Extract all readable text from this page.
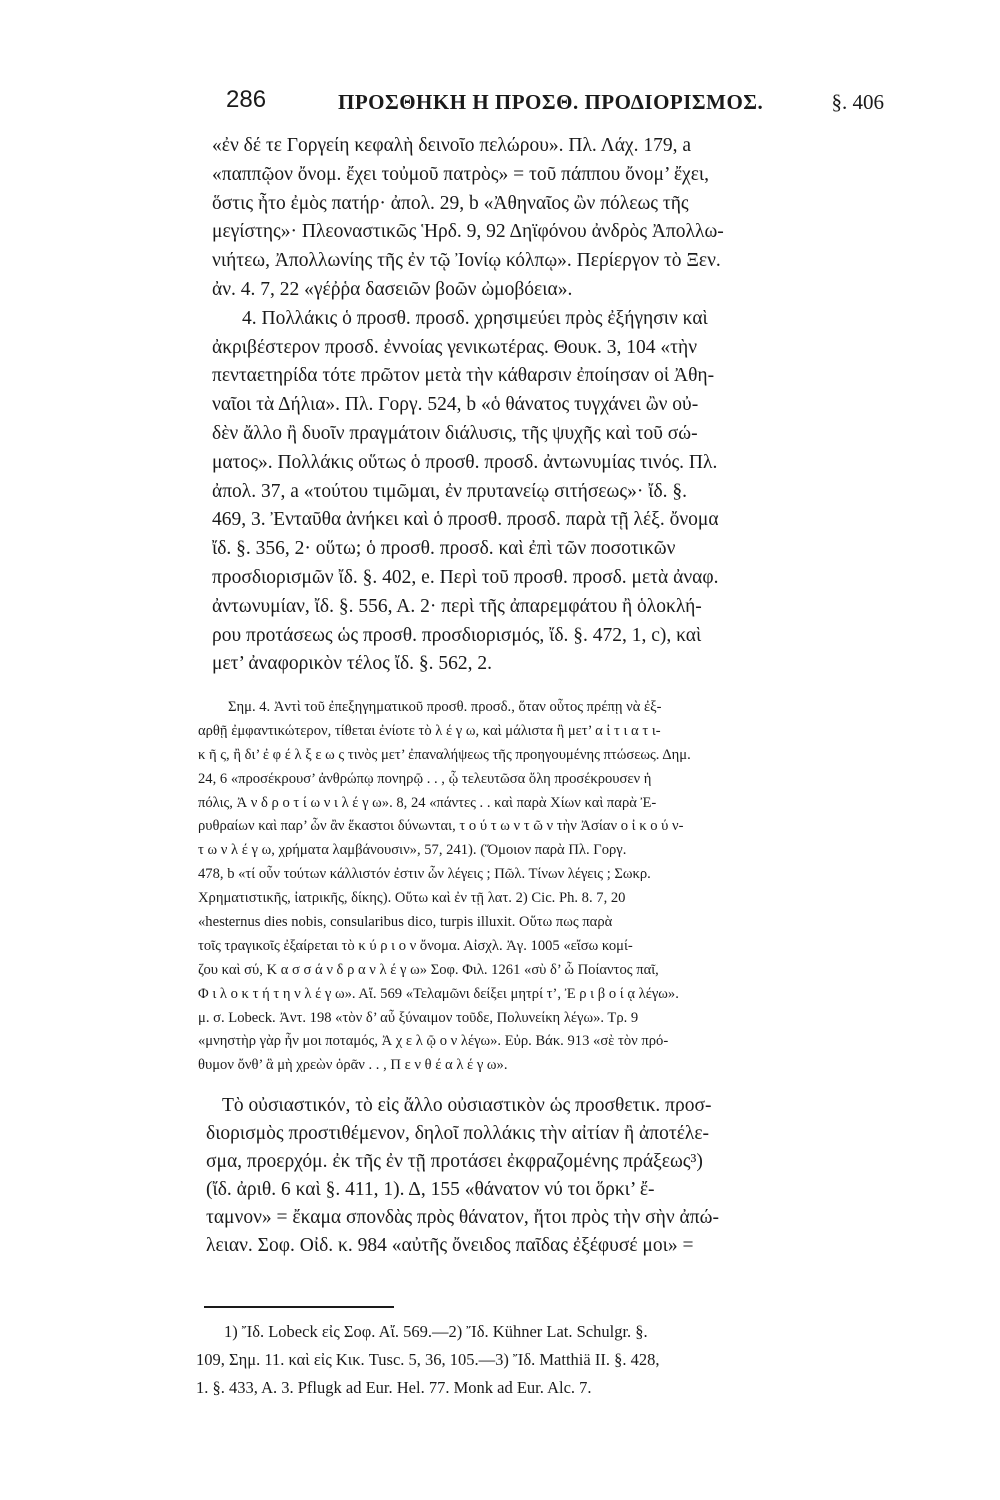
286	ΠΡΟΣΘΗΚΗ Η ΠΡΟΣΘ. ΠΡΟΔΙΟΡΙΣΜΟΣ.	§. 406
«ἐν δέ τε Γοργείη κεφαλὴ δεινοῖο πελώρου». Πλ. Λάχ. 179, a
«παππῷον ὄνομ. ἔχει τοὐμοῦ πατρὸς» = τοῦ πάππου ὄνομ’ ἔχει,
ὅστις ἦτο ἐμὸς πατήρ· ἀπολ. 29, b «Ἀθηναῖος ὢν πόλεως τῆς
μεγίστης»· Πλεοναστικῶς Ἡρδ. 9, 92 Δηϊφόνου ἀνδρὸς Ἀπολλω-
νιήτεω, Ἀπολλωνίης τῆς ἐν τῷ Ἰονίῳ κόλπῳ». Περίεργον τὸ Ξεν.
ἀν. 4. 7, 22 «γέῤῥα δασειῶν βοῶν ὠμοβόεια».
4. Πολλάκις ὁ προσθ. προσδ. χρησιμεύει πρὸς ἐξήγησιν καὶ
ἀκριβέστερον προσδ. ἐννοίας γενικωτέρας. Θουκ. 3, 104 «τὴν
πενταετηρίδα τότε πρῶτον μετὰ τὴν κάθαρσιν ἐποίησαν οἱ Ἀθη-
ναῖοι τὰ Δήλια». Πλ. Γοργ. 524, b «ὁ θάνατος τυγχάνει ὢν οὐ-
δὲν ἄλλο ἢ δυοῖν πραγμάτοιν διάλυσις, τῆς ψυχῆς καὶ τοῦ σώ-
ματος». Πολλάκις οὕτως ὁ προσθ. προσδ. ἀντωνυμίας τινός. Πλ.
ἀπολ. 37, a «τούτου τιμῶμαι, ἐν πρυτανείῳ σιτήσεως»· ἴδ. §.
469, 3. Ἐνταῦθα ἀνήκει καὶ ὁ προσθ. προσδ. παρὰ τῇ λέξ. ὄνομα
ἴδ. §. 356, 2· οὕτω; ὁ προσθ. προσδ. καὶ ἐπὶ τῶν ποσοτικῶν
προσδιορισμῶν ἴδ. §. 402, e. Περὶ τοῦ προσθ. προσδ. μετὰ ἀναφ.
ἀντωνυμίαν, ἴδ. §. 556, Α. 2· περὶ τῆς ἀπαρεμφάτου ἢ ὁλοκλή-
ρου προτάσεως ὡς προσθ. προσδιορισμός, ἴδ. §. 472, 1, c), καὶ
μετ’ ἀναφορικὸν τέλος ἴδ. §. 562, 2.
Σημ. 4. Ἀντὶ τοῦ ἐπεξηγηματικοῦ προσθ. προσδ., ὅταν οὗτος πρέπῃ νὰ ἐξ-
αρθῇ ἐμφαντικώτερον, τίθεται ἐνίοτε τὸ λ έ γ ω, καὶ μάλιστα ἢ μετ’ α ἰ τ ι α τ ι-
κ ῆ ς, ἢ δι’ ἐ φ έ λ ξ ε ω ς τινὸς μετ’ ἐπαναλήψεως τῆς προηγουμένης πτώσεως. Δημ.
24, 6 «προσέκρουσ’ ἀνθρώπῳ πονηρῷ . . , ᾧ τελευτῶσα ὅλη προσέκρουσεν ἡ
πόλις, Ἀ ν δ ρ ο τ ί ω ν ι λ έ γ ω». 8, 24 «πάντες . . καὶ παρὰ Χίων καὶ παρὰ Ἐ-
ρυθραίων καὶ παρ’ ὧν ἂν ἕκαστοι δύνωνται, τ ο ύ τ ω ν τ ῶ ν τὴν Ἀσίαν ο ἰ κ ο ύ ν-
τ ω ν λ έ γ ω, χρήματα λαμβάνουσιν», 57, 241). (Ὅμοιον παρὰ Πλ. Γοργ.
478, b «τί οὖν τούτων κάλλιστόν ἐστιν ὧν λέγεις ; Πῶλ. Τίνων λέγεις ; Σωκρ.
Χρηματιστικῆς, ἰατρικῆς, δίκης). Οὕτω καὶ ἐν τῇ λατ. 2) Cic. Ph. 8. 7, 20
«hesternus dies nobis, consularibus dico, turpis illuxit. Οὕτω πως παρὰ
τοῖς τραγικοῖς ἐξαίρεται τὸ κ ύ ρ ι ο ν ὄνομα. Αἰσχλ. Ἀγ. 1005 «εἴσω κομί-
ζου καὶ σύ, Κ α σ σ ά ν δ ρ α ν λ έ γ ω» Σοφ. Φιλ. 1261 «σὺ δ’ ὦ Ποίαντος παῖ,
Φ ι λ ο κ τ ή τ η ν λ έ γ ω». Αἴ. 569 «Τελαμῶνι δείξει μητρί τ’, Ἐ ρ ι β ο ί ᾳ λέγω».
μ. σ. Lobeck. Ἀντ. 198 «τὸν δ’ αὖ ξύναιμον τοῦδε, Πολυνείκη λέγω». Τρ. 9
«μνηστὴρ γὰρ ἦν μοι ποταμός, Ἀ χ ε λ ῷ ο ν λέγω». Εὐρ. Βάκ. 913 «σὲ τὸν πρό-
θυμον ὄνθ’ ἃ μὴ χρεὼν ὁρᾶν . . , Π ε ν θ έ α λ έ γ ω».
Τὸ οὐσιαστικόν, τὸ εἰς ἄλλο οὐσιαστικὸν ὡς προσθετικ. προσ-
διορισμὸς προστιθέμενον, δηλοῖ πολλάκις τὴν αἰτίαν ἢ ἀποτέλε-
σμα, προερχόμ. ἐκ τῆς ἐν τῇ προτάσει ἐκφραζομένης πράξεως³)
(ἴδ. ἀριθ. 6 καὶ §. 411, 1). Δ, 155 «θάνατον νύ τοι ὅρκι’ ἔ-
ταμνον» = ἔκαμα σπονδὰς πρὸς θάνατον, ἤτοι πρὸς τὴν σὴν ἀπώ-
λειαν. Σοφ. Οἰδ. κ. 984 «αὐτῆς ὄνειδος παῖδας ἐξέφυσέ μοι» =
1) Ἴδ. Lobeck εἰς Σοφ. Αἴ. 569.—2) Ἴδ. Kühner Lat. Schulgr. §.
109, Σημ. 11. καὶ εἰς Κικ. Tusc. 5, 36, 105.—3) Ἴδ. Matthiä II. §. 428,
1. §. 433, A. 3. Pflugk ad Eur. Hel. 77. Monk ad Eur. Alc. 7.
